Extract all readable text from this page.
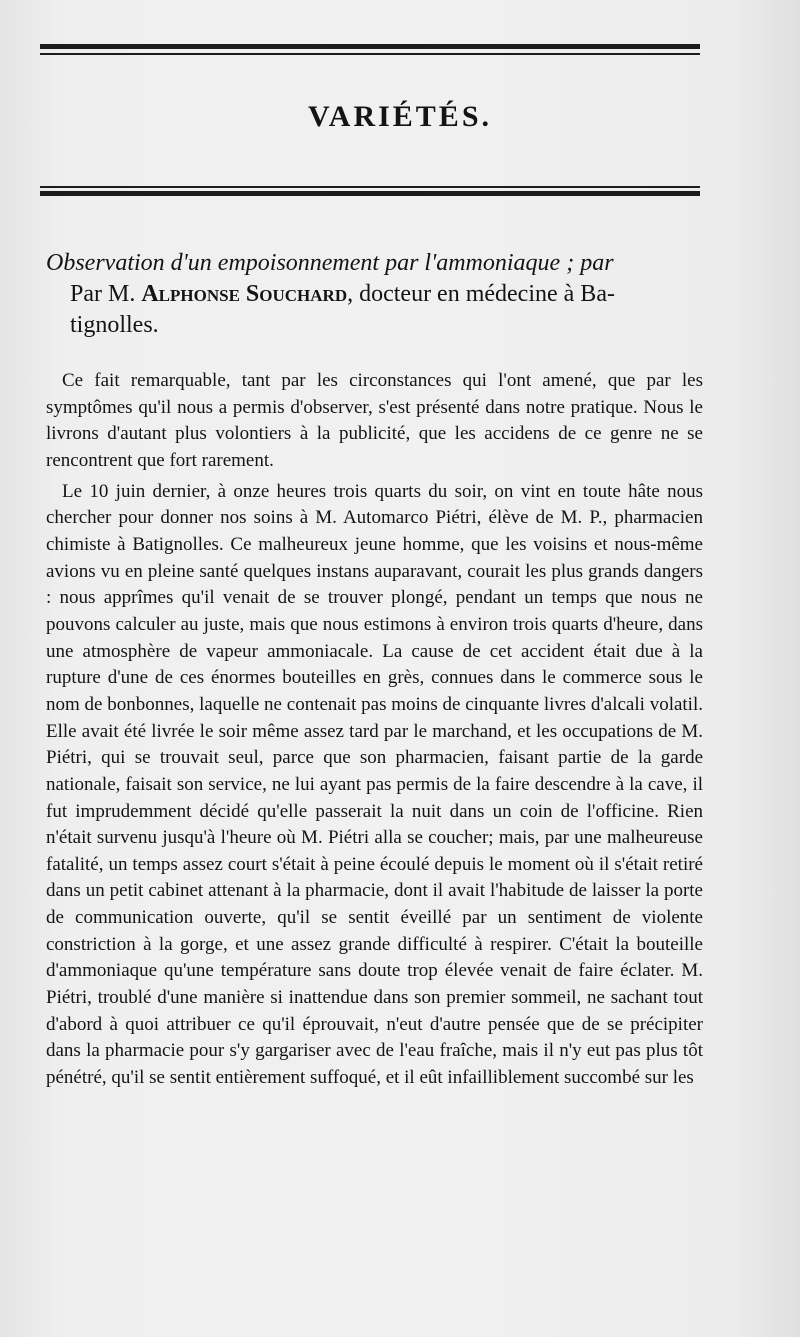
VARIÉTÉS.
Observation d'un empoisonnement par l'ammoniaque ; par
Par M. Alphonse Souchard, docteur en médecine à Ba-
tignolles.

Ce fait remarquable, tant par les circonstances qui l'ont amené, que par les symptômes qu'il nous a permis d'observer, s'est présenté dans notre pratique. Nous le livrons d'autant plus volontiers à la publicité, que les accidens de ce genre ne se rencontrent que fort rarement.

Le 10 juin dernier, à onze heures trois quarts du soir, on vint en toute hâte nous chercher pour donner nos soins à M. Automarco Piétri, élève de M. P., pharmacien chimiste à Batignolles. Ce malheureux jeune homme, que les voisins et nous-même avions vu en pleine santé quelques instans auparavant, courait les plus grands dangers : nous apprîmes qu'il venait de se trouver plongé, pendant un temps que nous ne pouvons calculer au juste, mais que nous estimons à environ trois quarts d'heure, dans une atmosphère de vapeur ammoniacale. La cause de cet accident était due à la rupture d'une de ces énormes bouteilles en grès, connues dans le commerce sous le nom de bonbonnes, laquelle ne contenait pas moins de cinquante livres d'alcali volatil. Elle avait été livrée le soir même assez tard par le marchand, et les occupations de M. Piétri, qui se trouvait seul, parce que son pharmacien, faisant partie de la garde nationale, faisait son service, ne lui ayant pas permis de la faire descendre à la cave, il fut imprudemment décidé qu'elle passerait la nuit dans un coin de l'officine. Rien n'était survenu jusqu'à l'heure où M. Piétri alla se coucher; mais, par une malheureuse fatalité, un temps assez court s'était à peine écoulé depuis le moment où il s'était retiré dans un petit cabinet attenant à la pharmacie, dont il avait l'habitude de laisser la porte de communication ouverte, qu'il se sentit éveillé par un sentiment de violente constriction à la gorge, et une assez grande difficulté à respirer. C'était la bouteille d'ammoniaque qu'une température sans doute trop élevée venait de faire éclater. M. Piétri, troublé d'une manière si inattendue dans son premier sommeil, ne sachant tout d'abord à quoi attribuer ce qu'il éprouvait, n'eut d'autre pensée que de se précipiter dans la pharmacie pour s'y gargariser avec de l'eau fraîche, mais il n'y eut pas plus tôt pénétré, qu'il se sentit entièrement suffoqué, et il eût infailliblement succombé sur les
